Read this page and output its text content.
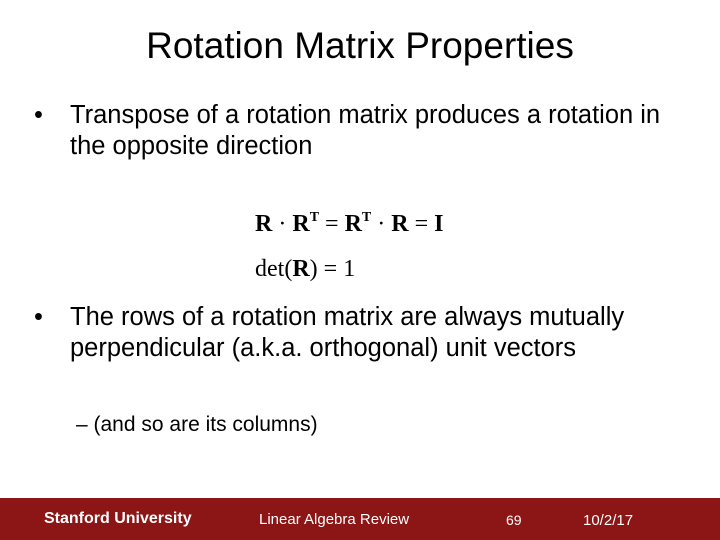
Rotation Matrix Properties
• Transpose of a rotation matrix produces a rotation in the opposite direction
$R \cdot R^T = R^T \cdot R = I$
det(R) = 1
• The rows of a rotation matrix are always mutually perpendicular (a.k.a. orthogonal) unit vectors
– (and so are its columns)
Stanford University	Linear Algebra Review	69	10/2/17
